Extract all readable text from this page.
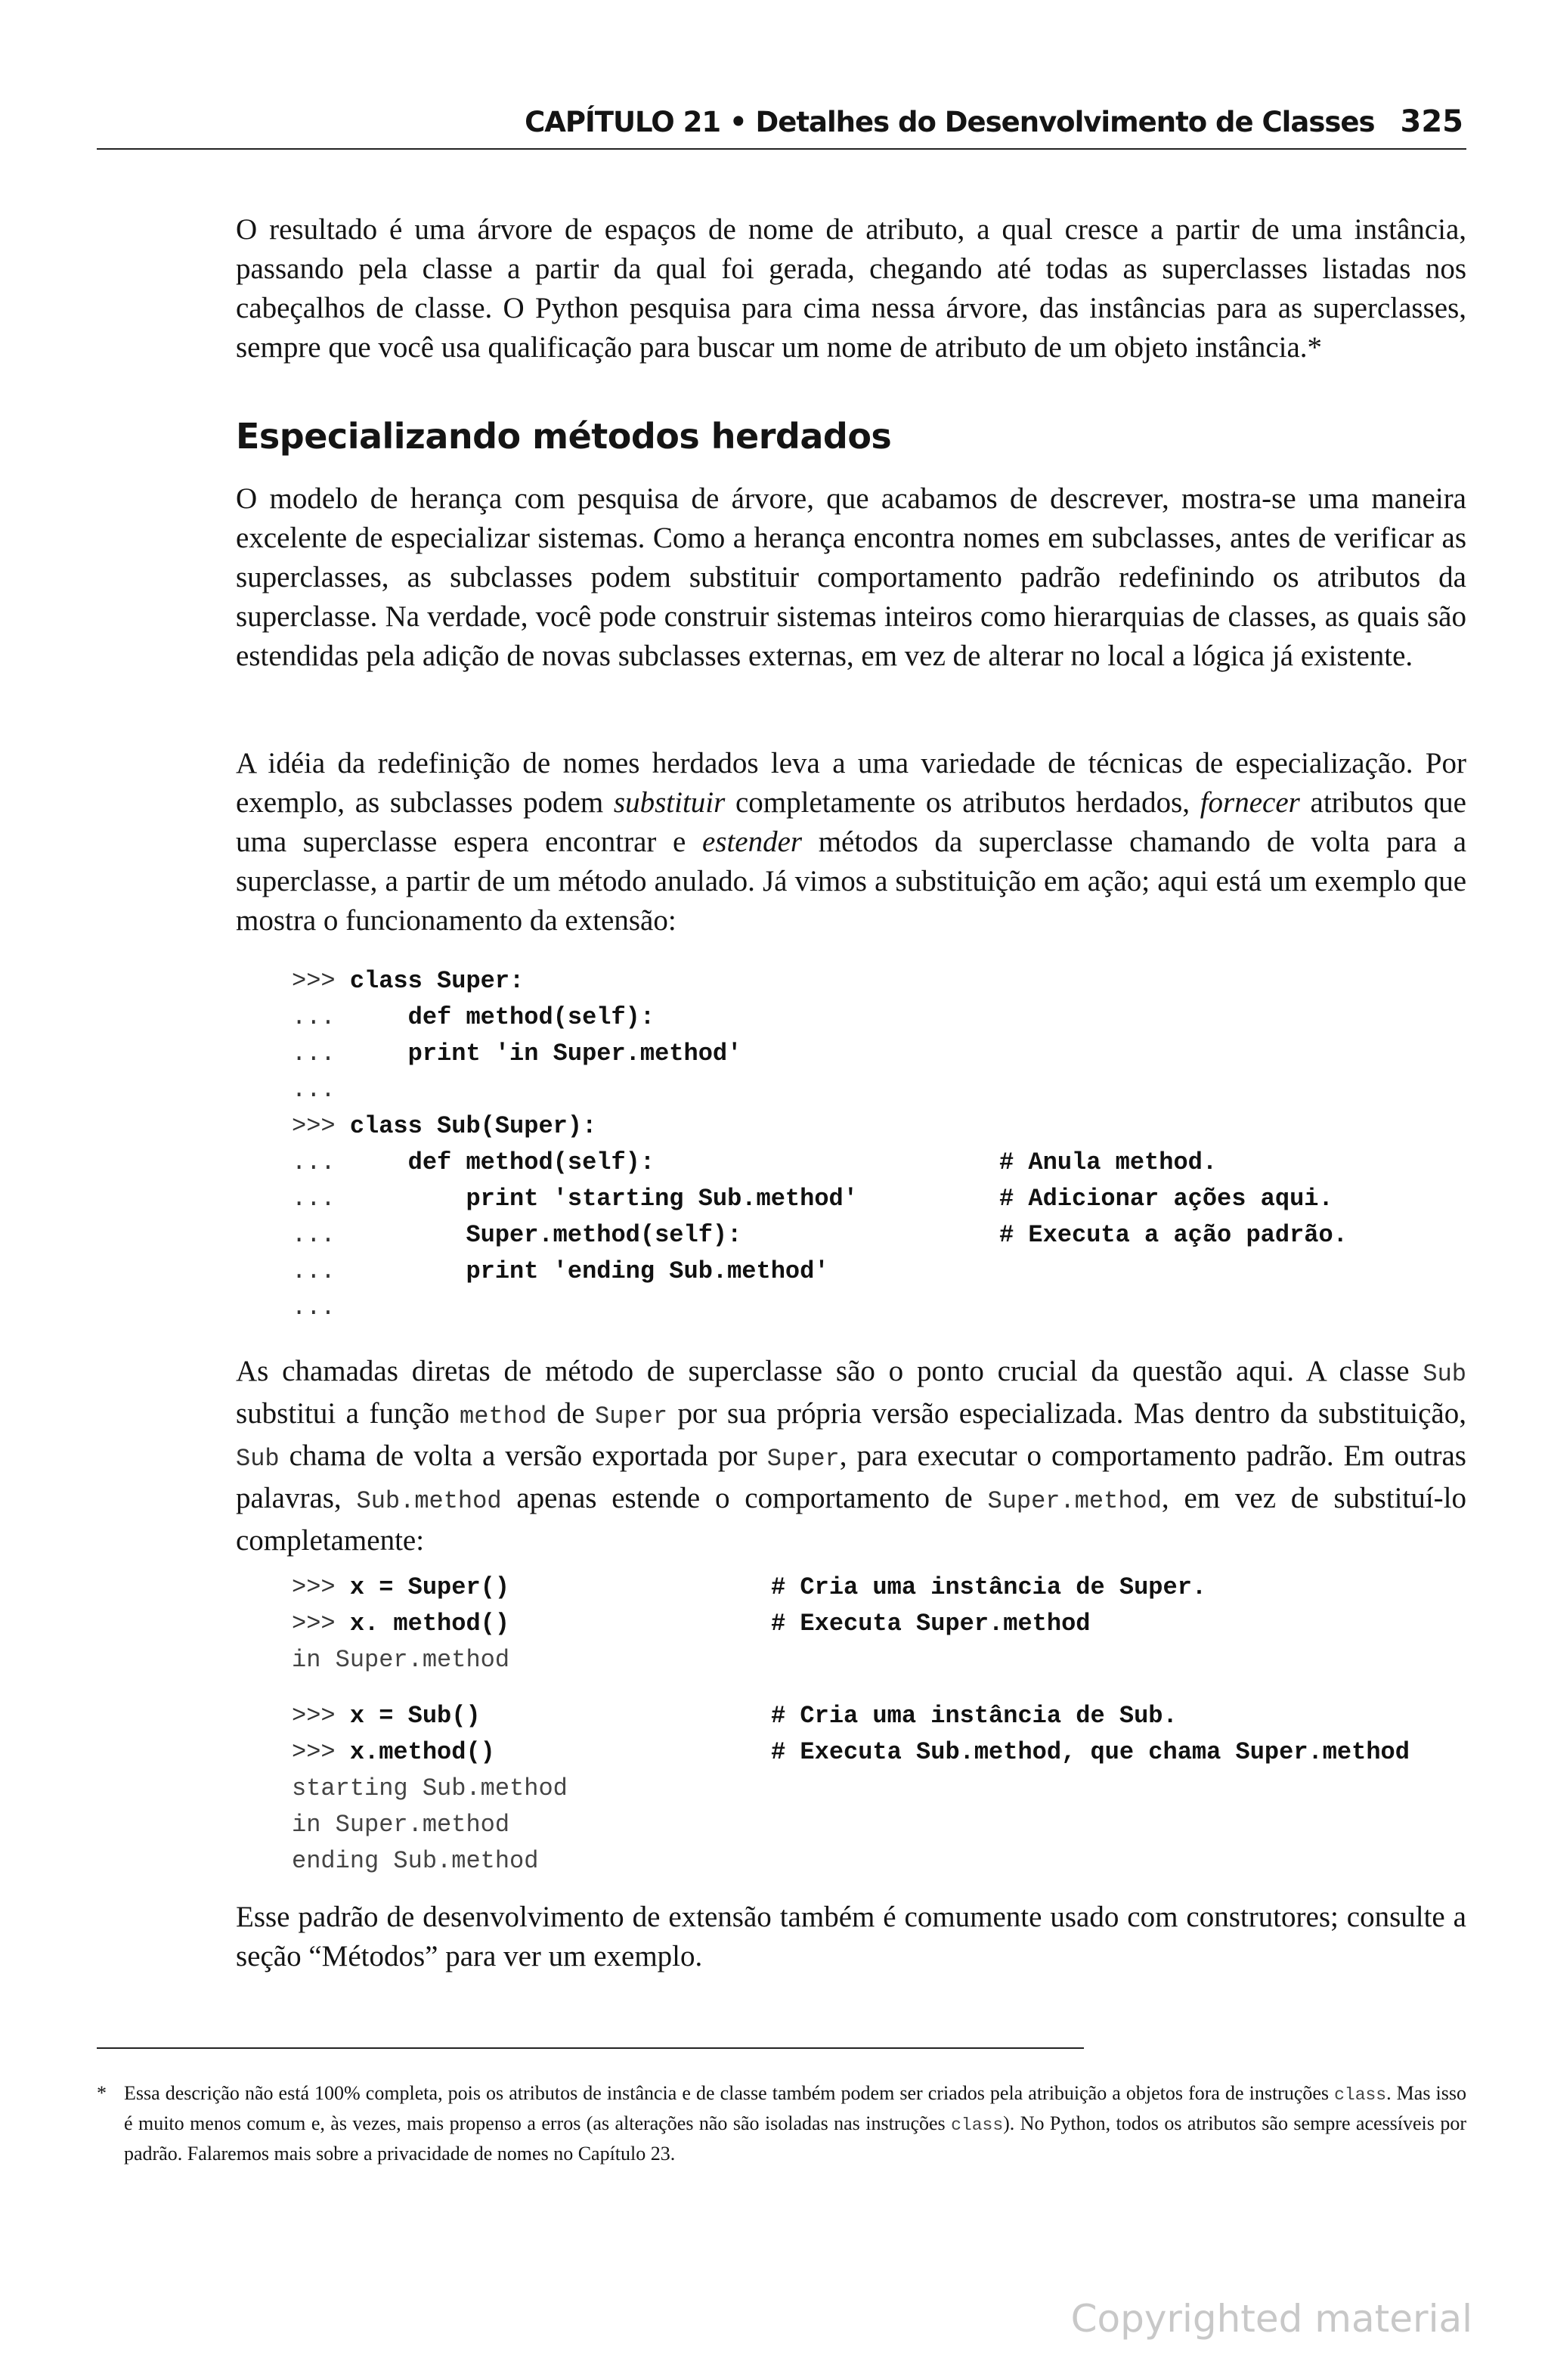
CAPÍTULO 21 • Detalhes do Desenvolvimento de Classes 325

O resultado é uma árvore de espaços de nome de atributo, a qual cresce a partir de uma instância, passando pela classe a partir da qual foi gerada, chegando até todas as superclasses listadas nos cabeçalhos de classe. O Python pesquisa para cima nessa árvore, das instâncias para as superclasses, sempre que você usa qualificação para buscar um nome de atributo de um objeto instância.*

Especializando métodos herdados

O modelo de herança com pesquisa de árvore, que acabamos de descrever, mostra-se uma maneira excelente de especializar sistemas. Como a herança encontra nomes em subclasses, antes de verificar as superclasses, as subclasses podem substituir comportamento padrão redefinindo os atributos da superclasse. Na verdade, você pode construir sistemas inteiros como hierarquias de classes, as quais são estendidas pela adição de novas subclasses externas, em vez de alterar no local a lógica já existente.

A idéia da redefinição de nomes herdados leva a uma variedade de técnicas de especialização. Por exemplo, as subclasses podem substituir completamente os atributos herdados, fornecer atributos que uma superclasse espera encontrar e estender métodos da superclasse chamando de volta para a superclasse, a partir de um método anulado. Já vimos a substituição em ação; aqui está um exemplo que mostra o funcionamento da extensão:

>>> class Super:
...     def method(self):
...     print 'in Super.method'
...
>>> class Sub(Super):
...     def method(self):	# Anula method.
...         print 'starting Sub.method'	# Adicionar ações aqui.
...         Super.method(self):	# Executa a ação padrão.
...         print 'ending Sub.method'
...

As chamadas diretas de método de superclasse são o ponto crucial da questão aqui. A classe Sub substitui a função method de Super por sua própria versão especializada. Mas dentro da substituição, Sub chama de volta a versão exportada por Super, para executar o comportamento padrão. Em outras palavras, Sub.method apenas estende o comportamento de Super.method, em vez de substituí-lo completamente:

>>> x = Super()	# Cria uma instância de Super.
>>> x. method()	# Executa Super.method
in Super.method
>>> x = Sub()	# Cria uma instância de Sub.
>>> x.method()	# Executa Sub.method, que chama Super.method
starting Sub.method
in Super.method
ending Sub.method

Esse padrão de desenvolvimento de extensão também é comumente usado com construtores; consulte a seção “Métodos” para ver um exemplo.

* Essa descrição não está 100% completa, pois os atributos de instância e de classe também podem ser criados pela atribuição a objetos fora de instruções class. Mas isso é muito menos comum e, às vezes, mais propenso a erros (as alterações não são isoladas nas instruções class). No Python, todos os atributos são sempre acessíveis por padrão. Falaremos mais sobre a privacidade de nomes no Capítulo 23.
Copyrighted material
